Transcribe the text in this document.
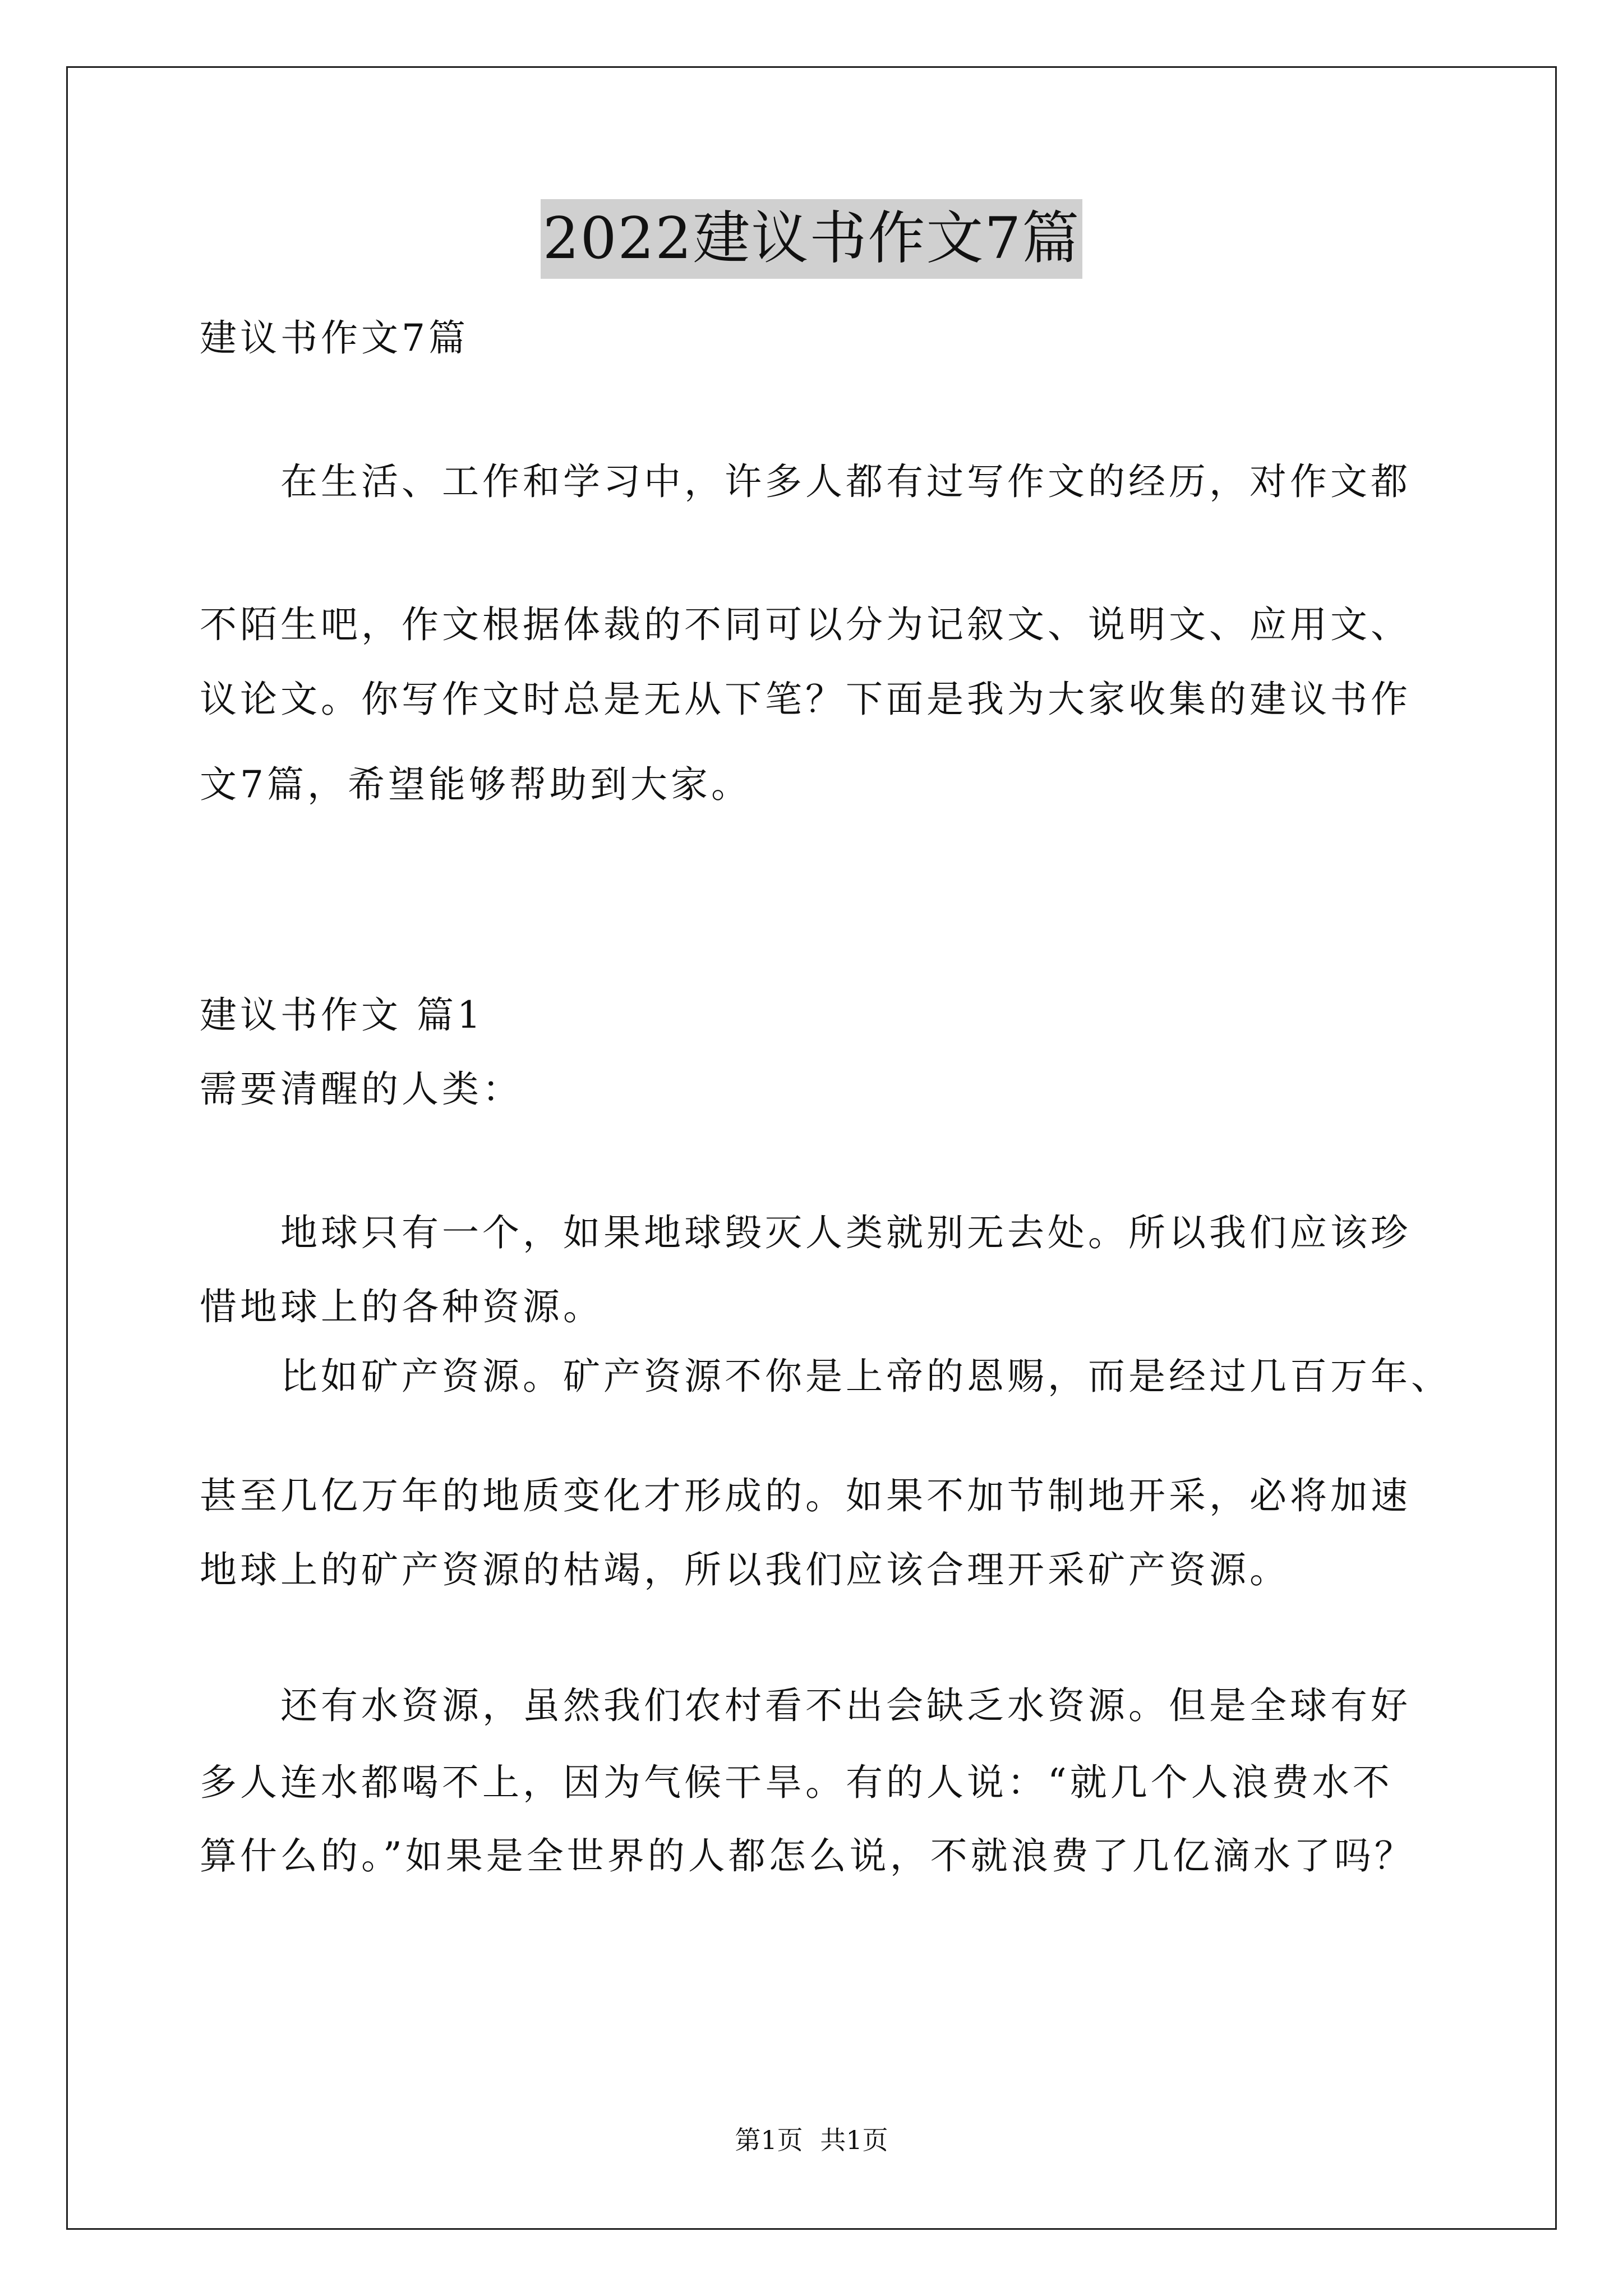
2022建议书作文7篇
建议书作文7篇
　　在生活、工作和学习中，许多人都有过写作文的经历，对作文都
不陌生吧，作文根据体裁的不同可以分为记叙文、说明文、应用文、
议论文。你写作文时总是无从下笔？下面是我为大家收集的建议书作
文7篇，希望能够帮助到大家。
建议书作文 篇1
需要清醒的人类：
　　地球只有一个，如果地球毁灭人类就别无去处。所以我们应该珍
惜地球上的各种资源。
　　比如矿产资源。矿产资源不你是上帝的恩赐，而是经过几百万年、
甚至几亿万年的地质变化才形成的。如果不加节制地开采，必将加速
地球上的矿产资源的枯竭，所以我们应该合理开采矿产资源。
　　还有水资源，虽然我们农村看不出会缺乏水资源。但是全球有好
多人连水都喝不上，因为气候干旱。有的人说：“就几个人浪费水不
算什么的。”如果是全世界的人都怎么说，不就浪费了几亿滴水了吗？
第1页 共1页
